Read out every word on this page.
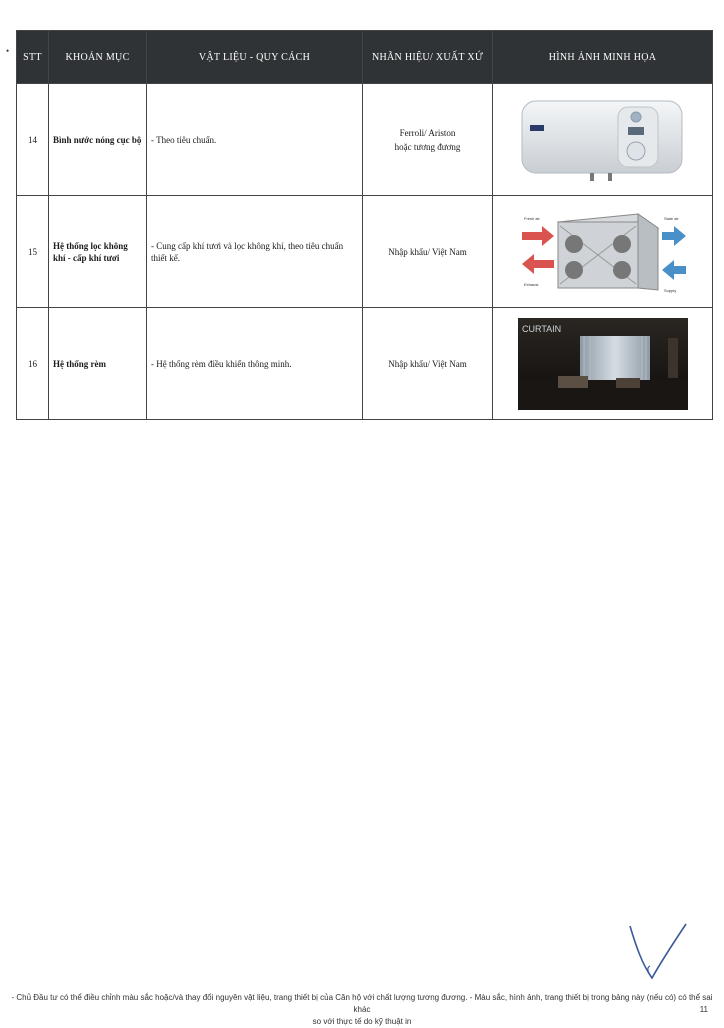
•
STT	KHOẢN MỤC	VẬT LIỆU - QUY CÁCH	NHÃN HIỆU/ XUẤT XỨ	HÌNH ẢNH MINH HỌA
14	Bình nước nóng cục bộ	- Theo tiêu chuẩn.	Ferroli/ Ariston
hoặc tương đương

15	Hệ thống lọc không khí - cấp khí tươi	- Cung cấp khí tươi và lọc không khí, theo tiêu chuẩn thiết kế.	Nhập khẩu/ Việt Nam	Fresh air
Exhaust
Stale air
Supply

16	Hệ thống rèm	- Hệ thống rèm điều khiển thông minh.	Nhập khẩu/ Việt Nam	CURTAIN
- Chủ Đầu tư có thể điều chỉnh màu sắc hoặc/và thay đổi nguyên vật liệu, trang thiết bị của Căn hộ với chất lượng tương đương. - Màu sắc, hình ảnh, trang thiết bị trong bảng này (nếu có) có thể sai khác
so với thực tế do kỹ thuật in
11
